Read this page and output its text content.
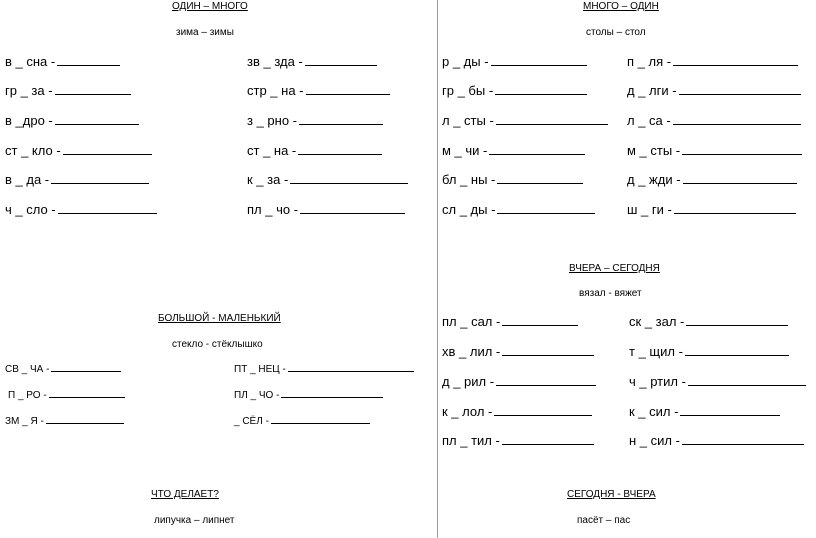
ОДИН – МНОГО
зима – зимы
в _ сна -
гр _ за -
в _дро -
ст _ кло -
в _ да -
ч _ сло -
зв _ зда -
стр _ на -
з _ рно -
ст _ на -
к _ за -
пл _ чо -
БОЛЬШОЙ - МАЛЕНЬКИЙ
стекло - стёклышко
СВ _ ЧА -
П _ РО -
ЗМ _ Я -
ПТ _ НЕЦ -
ПЛ _ ЧО -
_ СЁЛ -
ЧТО ДЕЛАЕТ?
липучка – липнет
МНОГО – ОДИН
столы – стол
р _ ды -
гр _ бы -
л _ сты -
м _ чи -
бл _ ны -
сл _ ды -
п _ ля -
д _ лги -
л _ са -
м _ сты -
д _ жди -
ш _ ги -
ВЧЕРА – СЕГОДНЯ
вязал - вяжет
пл _ сал -
хв _ лил -
д _ рил -
к _ лол -
пл _ тил -
ск _ зал -
т _ щил -
ч _ ртил -
к _ сил -
н _ сил -
СЕГОДНЯ - ВЧЕРА
пасёт – пас
